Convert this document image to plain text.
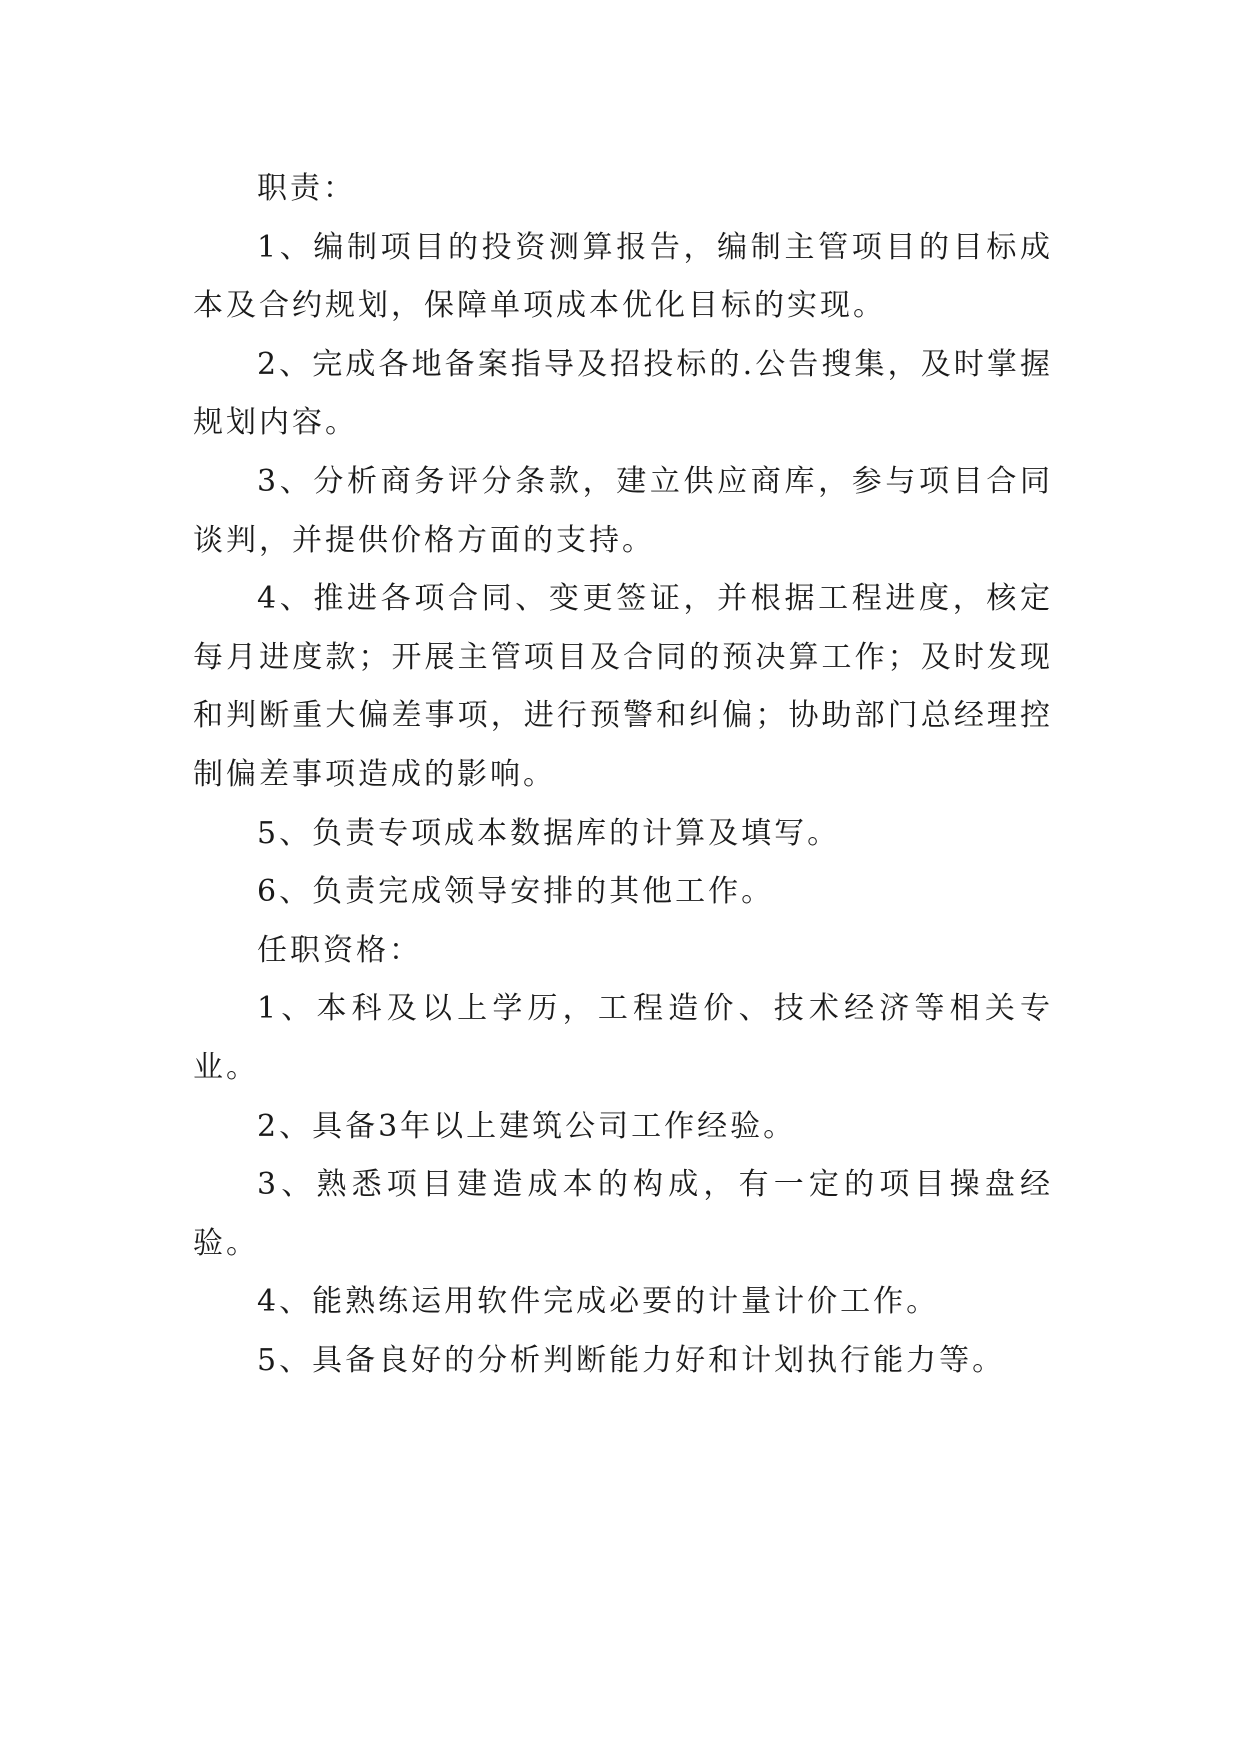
职责：

1、编制项目的投资测算报告，编制主管项目的目标成本及合约规划，保障单项成本优化目标的实现。

2、完成各地备案指导及招投标的.公告搜集，及时掌握规划内容。

3、分析商务评分条款，建立供应商库，参与项目合同谈判，并提供价格方面的支持。

4、推进各项合同、变更签证，并根据工程进度，核定每月进度款；开展主管项目及合同的预决算工作；及时发现和判断重大偏差事项，进行预警和纠偏；协助部门总经理控制偏差事项造成的影响。

5、负责专项成本数据库的计算及填写。

6、负责完成领导安排的其他工作。

任职资格：

1、本科及以上学历，工程造价、技术经济等相关专业。

2、具备3年以上建筑公司工作经验。

3、熟悉项目建造成本的构成，有一定的项目操盘经验。

4、能熟练运用软件完成必要的计量计价工作。

5、具备良好的分析判断能力好和计划执行能力等。
